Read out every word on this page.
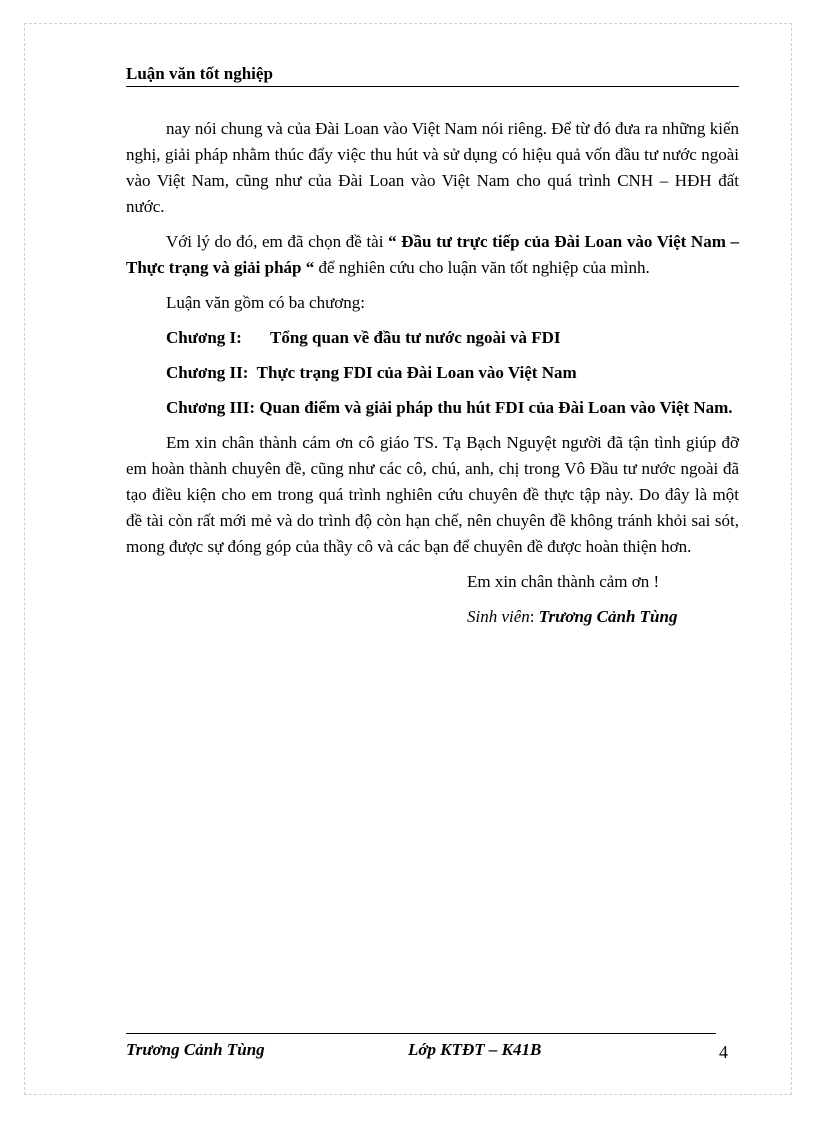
Luận văn tốt nghiệp

nay nói chung và của Đài Loan vào Việt Nam nói riêng. Để từ đó đưa ra những kiến nghị, giải pháp nhằm thúc đẩy việc thu hút và sử dụng có hiệu quả vốn đầu tư nước ngoài vào Việt Nam, cũng như của Đài Loan vào Việt Nam cho quá trình CNH – HĐH đất nước.

Với lý do đó, em đã chọn đề tài “ Đầu tư trực tiếp của Đài Loan vào Việt Nam – Thực trạng và giải pháp “ để nghiên cứu cho luận văn tốt nghiệp của mình.

Luận văn gồm có ba chương:

Chương I: Tổng quan về đầu tư nước ngoài và FDI

Chương II: Thực trạng FDI của Đài Loan vào Việt Nam

Chương III: Quan điểm và giải pháp thu hút FDI của Đài Loan vào Việt Nam.

Em xin chân thành cám ơn cô giáo TS. Tạ Bạch Nguyệt người đã tận tình giúp đỡ em hoàn thành chuyên đề, cũng như các cô, chú, anh, chị trong Vô Đầu tư nước ngoài đã tạo điều kiện cho em trong quá trình nghiên cứu chuyên đề thực tập này. Do đây là một đề tài còn rất mới mẻ và do trình độ còn hạn chế, nên chuyên đề không tránh khỏi sai sót, mong được sự đóng góp của thầy cô và các bạn để chuyên đề được hoàn thiện hơn.

Em xin chân thành cảm ơn !

Sinh viên: Trương Cảnh Tùng

Trương Cảnh Tùng	Lớp KTĐT – K41B	4
